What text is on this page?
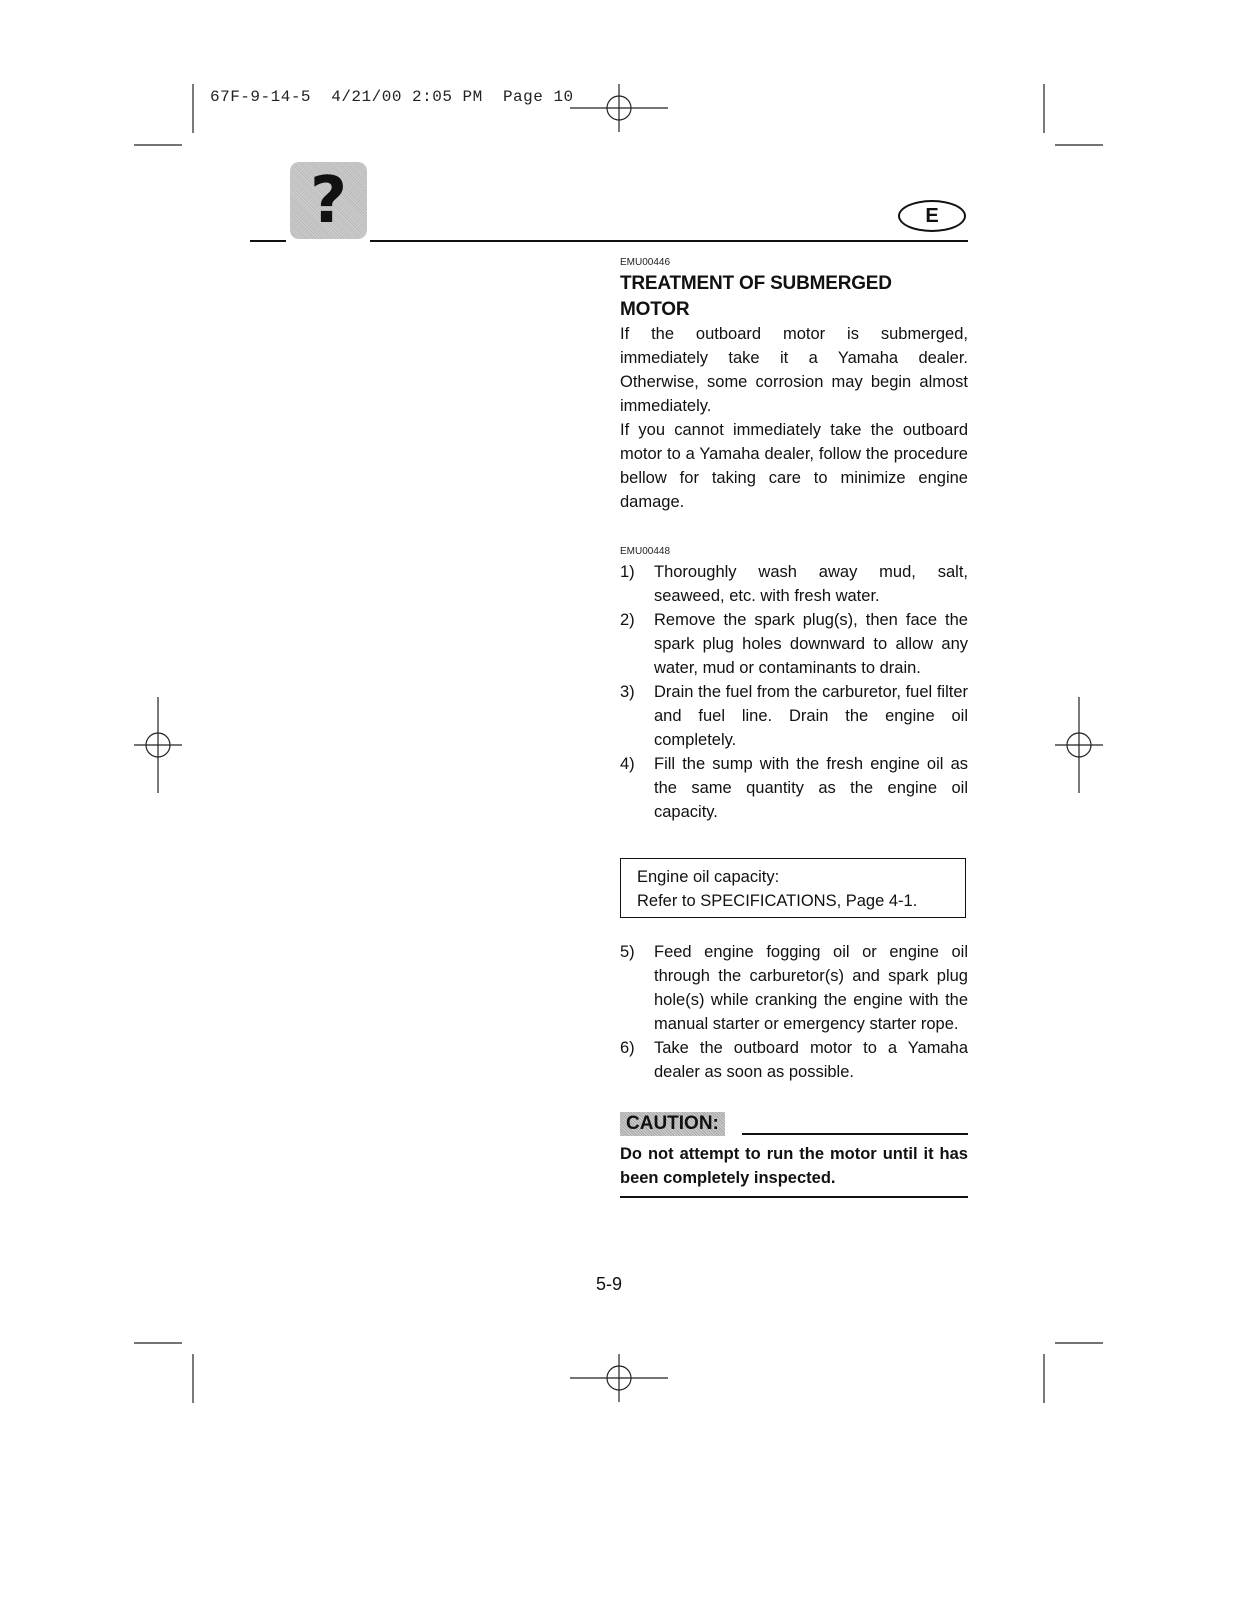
67F-9-14-5  4/21/00 2:05 PM  Page 10
?	E
EMU00446
TREATMENT OF SUBMERGED
MOTOR
If the outboard motor is submerged, immediately take it a Yamaha dealer. Otherwise, some corrosion may begin almost immediately.
If you cannot immediately take the outboard motor to a Yamaha dealer, follow the procedure bellow for taking care to minimize engine damage.
EMU00448
1) Thoroughly wash away mud, salt, seaweed, etc. with fresh water.
2) Remove the spark plug(s), then face the spark plug holes downward to allow any water, mud or contaminants to drain.
3) Drain the fuel from the carburetor, fuel filter and fuel line. Drain the engine oil completely.
4) Fill the sump with the fresh engine oil as the same quantity as the engine oil capacity.
Engine oil capacity:
Refer to SPECIFICATIONS, Page 4-1.
5) Feed engine fogging oil or engine oil through the carburetor(s) and spark plug hole(s) while cranking the engine with the manual starter or emergency starter rope.
6) Take the outboard motor to a Yamaha dealer as soon as possible.
CAUTION:
Do not attempt to run the motor until it has been completely inspected.
5-9
